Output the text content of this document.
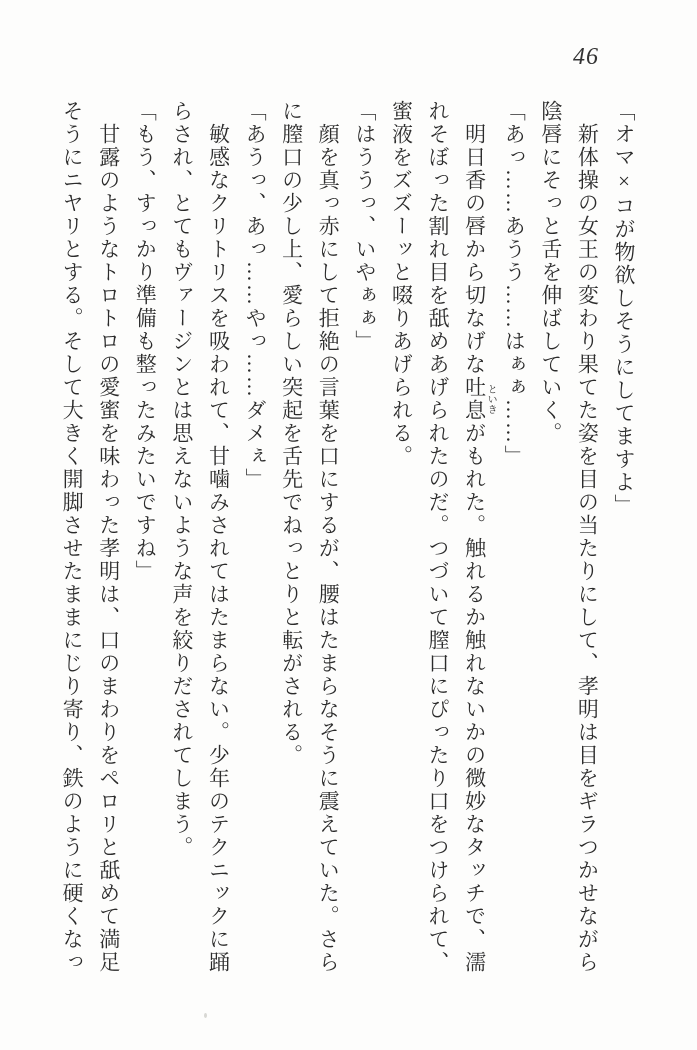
46

「オマ×コが物欲しそうにしてますよ」

新体操の女王の変わり果てた姿を目の当たりにして、孝明は目をギラつかせながら陰唇にそっと舌を伸ばしていく。

「あっ……あうう……はぁぁ……」

明日香の唇から切なげな吐息といきがもれた。触れるか触れないかの微妙なタッチで、濡れそぼった割れ目を舐めあげられたのだ。つづいて膣口にぴったり口をつけられて、蜜液をズズーッと啜りあげられる。

「はううっ、いやぁぁ」

顔を真っ赤にして拒絶の言葉を口にするが、腰はたまらなそうに震えていた。さらに膣口の少し上、愛らしい突起を舌先でねっとりと転がされる。

「あうっ、あっ……やっ……ダメぇ」

敏感なクリトリスを吸われて、甘噛みされてはたまらない。少年のテクニックに踊らされ、とてもヴァージンとは思えないような声を絞りだされてしまう。

「もう、すっかり準備も整ったみたいですね」

甘露のようなトロトロの愛蜜を味わった孝明は、口のまわりをペロリと舐めて満足そうにニヤリとする。そして大きく開脚させたままにじり寄り、鉄のように硬くなっ
